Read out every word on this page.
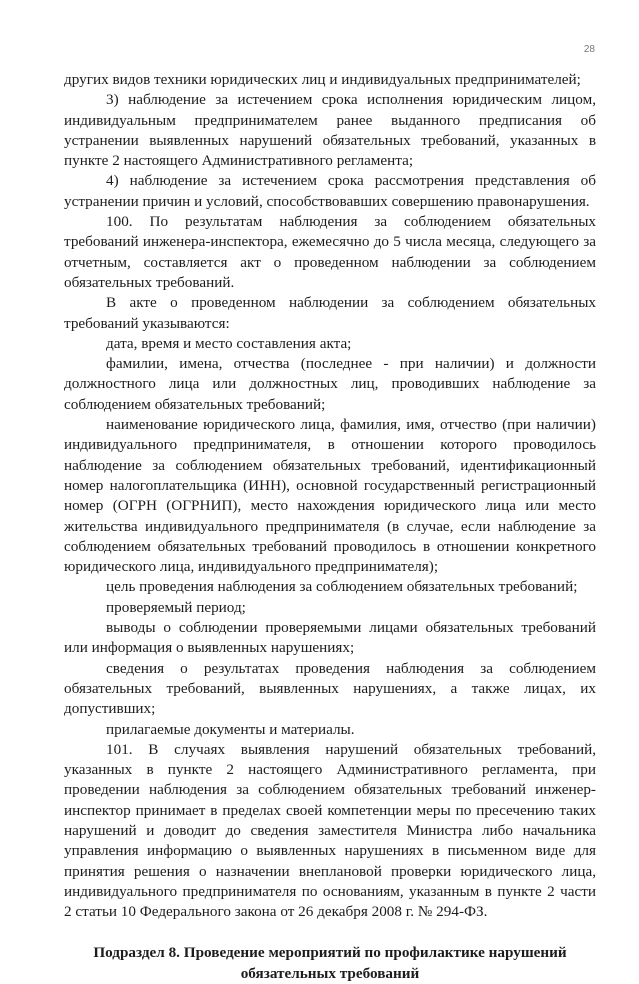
28
других видов техники юридических лиц и индивидуальных предпринимателей;
3) наблюдение за истечением срока исполнения юридическим лицом,
индивидуальным предпринимателем ранее выданного предписания об
устранении выявленных нарушений обязательных требований, указанных в
пункте 2 настоящего Административного регламента;
4) наблюдение за истечением срока рассмотрения представления об
устранении причин и условий, способствовавших совершению правонарушения.
100. По результатам наблюдения за соблюдением обязательных
требований инженера-инспектора, ежемесячно до 5 числа месяца, следующего за
отчетным, составляется акт о проведенном наблюдении за соблюдением
обязательных требований.
В акте о проведенном наблюдении за соблюдением обязательных
требований указываются:
дата, время и место составления акта;
фамилии, имена, отчества (последнее - при наличии) и должности
должностного лица или должностных лиц, проводивших наблюдение за
соблюдением обязательных требований;
наименование юридического лица, фамилия, имя, отчество (при наличии)
индивидуального предпринимателя, в отношении которого проводилось
наблюдение за соблюдением обязательных требований, идентификационный
номер налогоплательщика (ИНН), основной государственный регистрационный
номер (ОГРН (ОГРНИП), место нахождения юридического лица или место
жительства индивидуального предпринимателя (в случае, если наблюдение за
соблюдением обязательных требований проводилось в отношении конкретного
юридического лица, индивидуального предпринимателя);
цель проведения наблюдения за соблюдением обязательных требований;
проверяемый период;
выводы о соблюдении проверяемыми лицами обязательных требований
или информация о выявленных нарушениях;
сведения о результатах проведения наблюдения за соблюдением
обязательных требований, выявленных нарушениях, а также лицах, их
допустивших;
прилагаемые документы и материалы.
101. В случаях выявления нарушений обязательных требований,
указанных в пункте 2 настоящего Административного регламента, при
проведении наблюдения за соблюдением обязательных требований инженер-
инспектор принимает в пределах своей компетенции меры по пресечению таких
нарушений и доводит до сведения заместителя Министра либо начальника
управления информацию о выявленных нарушениях в письменном виде для
принятия решения о назначении внеплановой проверки юридического лица,
индивидуального предпринимателя по основаниям, указанным в пункте 2 части
2 статьи 10 Федерального закона от 26 декабря 2008 г. № 294-ФЗ.
Подраздел 8. Проведение мероприятий по профилактике нарушений
обязательных требований
